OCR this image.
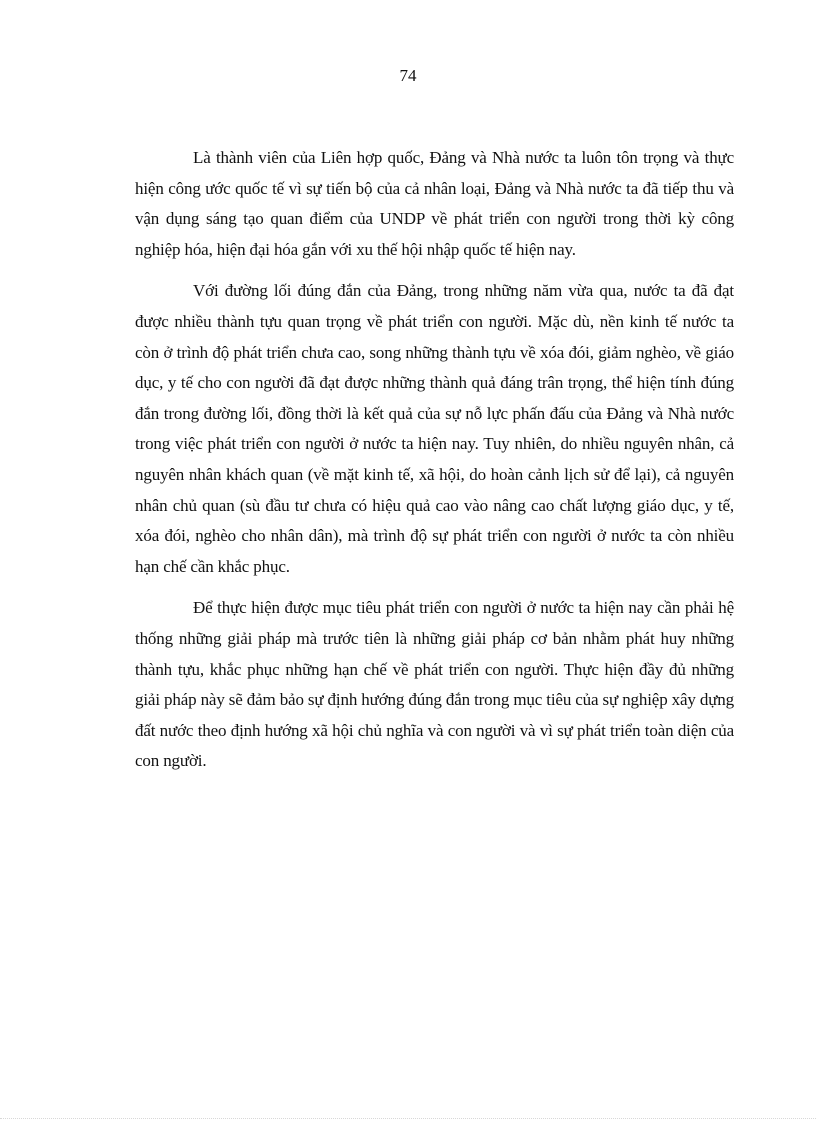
74

Là thành viên của Liên hợp quốc, Đảng và Nhà nước ta luôn tôn trọng và thực hiện công ước quốc tế vì sự tiến bộ của cả nhân loại, Đảng và Nhà nước ta đã tiếp thu và vận dụng sáng tạo quan điểm của UNDP về phát triển con người trong thời kỳ công nghiệp hóa, hiện đại hóa gắn với xu thế hội nhập quốc tế hiện nay.

Với đường lối đúng đắn của Đảng, trong những năm vừa qua, nước ta đã đạt được nhiều thành tựu quan trọng về phát triển con người. Mặc dù, nền kinh tế nước ta còn ở trình độ phát triển chưa cao, song những thành tựu về xóa đói, giảm nghèo, về giáo dục, y tế cho con người đã đạt được những thành quả đáng trân trọng, thể hiện tính đúng đắn trong đường lối, đồng thời là kết quả của sự nỗ lực phấn đấu của Đảng và Nhà nước trong việc phát triển con người ở nước ta hiện nay. Tuy nhiên, do nhiều nguyên nhân, cả nguyên nhân khách quan (về mặt kinh tế, xã hội, do hoàn cảnh lịch sử để lại), cả nguyên nhân chủ quan (sù đầu tư chưa có hiệu quả cao vào nâng cao chất lượng giáo dục, y tế, xóa đói, nghèo cho nhân dân), mà trình độ sự phát triển con người ở nước ta còn nhiều hạn chế cần khắc phục.

Để thực hiện được mục tiêu phát triển con người ở nước ta hiện nay cần phải hệ thống những giải pháp mà trước tiên là những giải pháp cơ bản nhằm phát huy những thành tựu, khắc phục những hạn chế về phát triển con người. Thực hiện đầy đủ những giải pháp này sẽ đảm bảo sự định hướng đúng đắn trong mục tiêu của sự nghiệp xây dựng đất nước theo định hướng xã hội chủ nghĩa và con người và vì sự phát triển toàn diện của con người.
